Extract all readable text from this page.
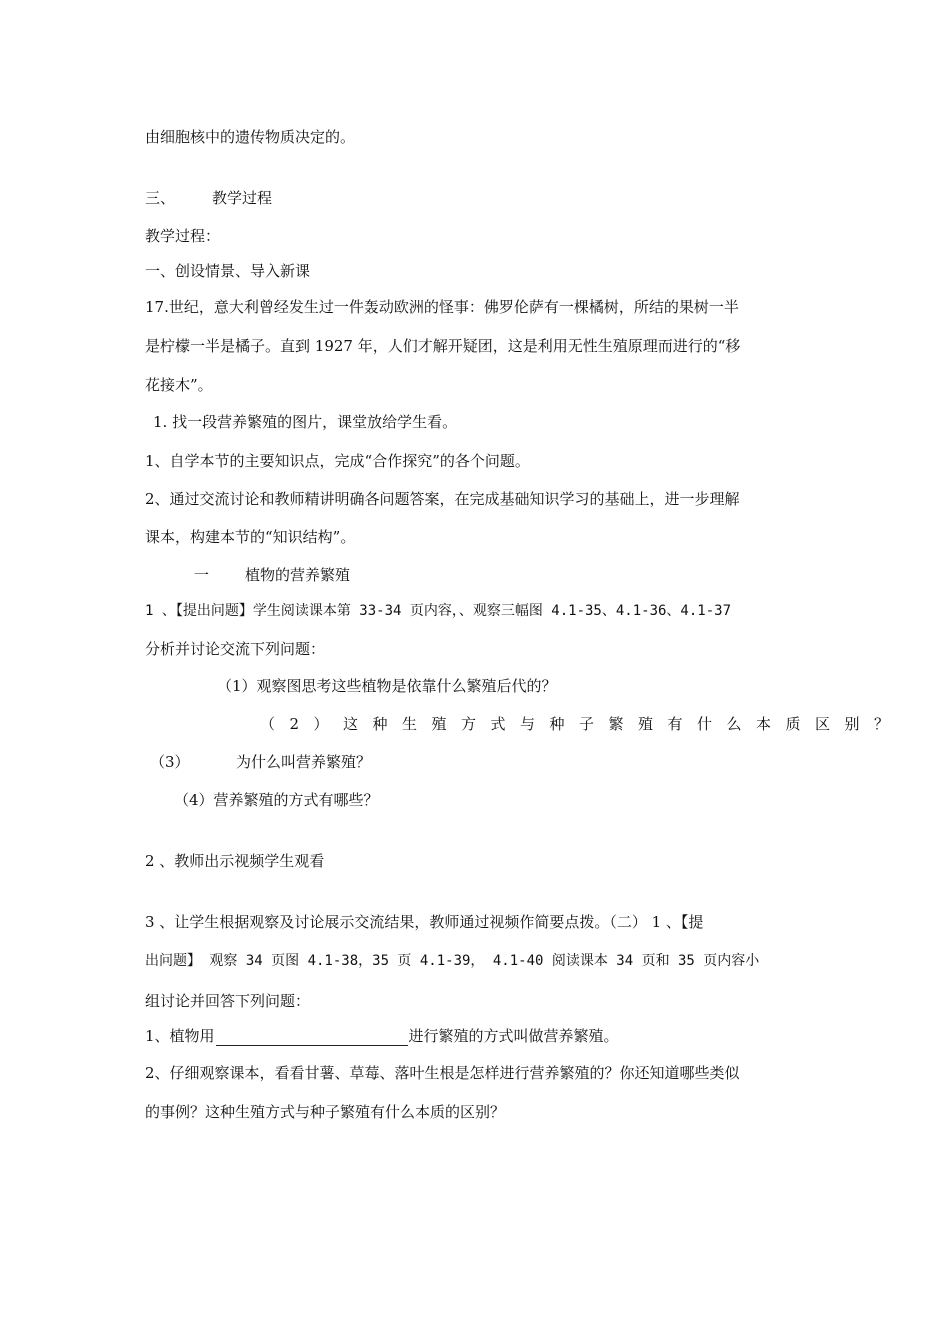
由细胞核中的遗传物质决定的。
三、 教学过程
教学过程：
一、创设情景、导入新课
17.世纪，意大利曾经发生过一件轰动欧洲的怪事：佛罗伦萨有一棵橘树，所结的果树一半
是柠檬一半是橘子。直到 1927 年，人们才解开疑团，这是利用无性生殖原理而进行的“移
花接木”。
1. 找一段营养繁殖的图片，课堂放给学生看。
1、自学本节的主要知识点，完成“合作探究”的各个问题。
2、通过交流讨论和教师精讲明确各问题答案，在完成基础知识学习的基础上，进一步理解
课本，构建本节的“知识结构”。
一 植物的营养繁殖
1 、【提出问题】学生阅读课本第 33-34 页内容，、观察三幅图 4.1-35、4.1-36、4.1-37
分析并讨论交流下列问题：
（1）观察图思考这些植物是依靠什么繁殖后代的？
（2）这种生殖方式与种子繁殖有什么本质区别？
（3）	为什么叫营养繁殖？
（4）营养繁殖的方式有哪些？
2 、教师出示视频学生观看
3 、让学生根据观察及讨论展示交流结果，教师通过视频作简要点拨。（二） 1 、【提
出问题】 观察 34 页图 4.1-38，35 页 4.1-39， 4.1-40 阅读课本 34 页和 35 页内容小
组讨论并回答下列问题：
1、植物用	进行繁殖的方式叫做营养繁殖。
2、仔细观察课本，看看甘薯、草莓、落叶生根是怎样进行营养繁殖的？你还知道哪些类似
的事例？这种生殖方式与种子繁殖有什么本质的区别？
